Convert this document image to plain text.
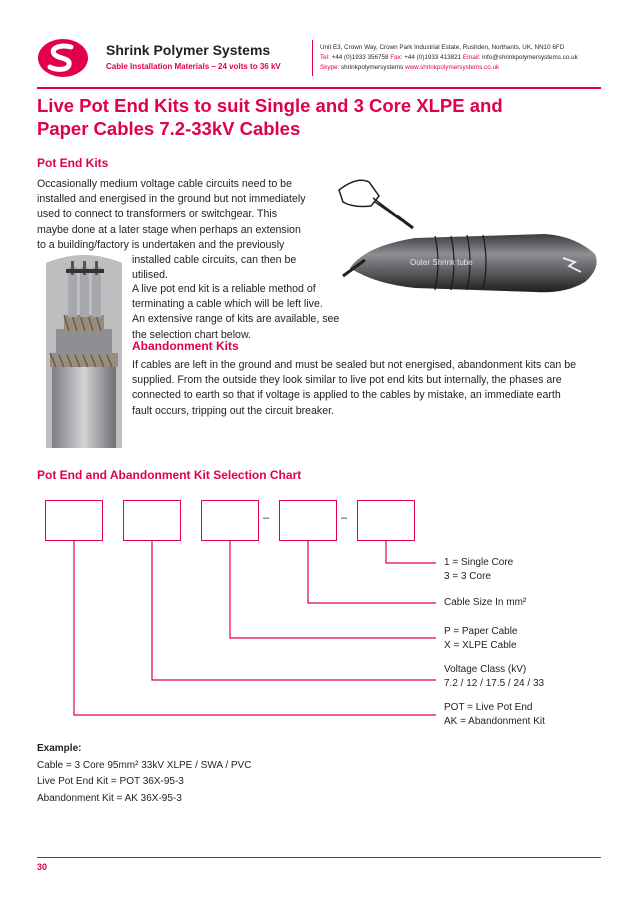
Shrink Polymer Systems
Cable Installation Materials – 24 volts to 36 kV
Unit E3, Crown Way, Crown Park Industrial Estate, Rushden, Northants, UK, NN10 6FD
Tel: +44 (0)1933 356758 Fax: +44 (0)1933 413821 Email: info@shrinkpolymersystems.co.uk
Skype: shrinkpolymersystems www.shrinkpolymersystems.co.uk
Live Pot End Kits to suit Single and 3 Core XLPE and
Paper Cables 7.2-33kV Cables
Pot End Kits
Occasionally medium voltage cable circuits need to be
installed and energised in the ground but not immediately
used to connect to transformers or switchgear. This
maybe done at a later stage when perhaps an extension
to a building/factory is undertaken and the previously
installed cable circuits, can then be
utilised.
A live pot end kit is a reliable method of
terminating a cable which will be left live.
An extensive range of kits are available, see
the selection chart below.
Outer Shrink tube
Abandonment Kits
If cables are left in the ground and must be sealed but not energised, abandonment kits can be
supplied. From the outside they look similar to live pot end kits but internally, the phases are
connected to earth so that if voltage is applied to the cables by mistake, an immediate earth
fault occurs, tripping out the circuit breaker.
Pot End and Abandonment Kit Selection Chart
–	–
1 = Single Core
3 = 3 Core
Cable Size In mm²
P = Paper Cable
X = XLPE Cable
Voltage Class (kV)
7.2 / 12 / 17.5 / 24 / 33
POT = Live Pot End
AK = Abandonment Kit
Example:
Cable = 3 Core 95mm² 33kV XLPE / SWA / PVC
Live Pot End Kit = POT 36X-95-3
Abandonment Kit = AK 36X-95-3
30
